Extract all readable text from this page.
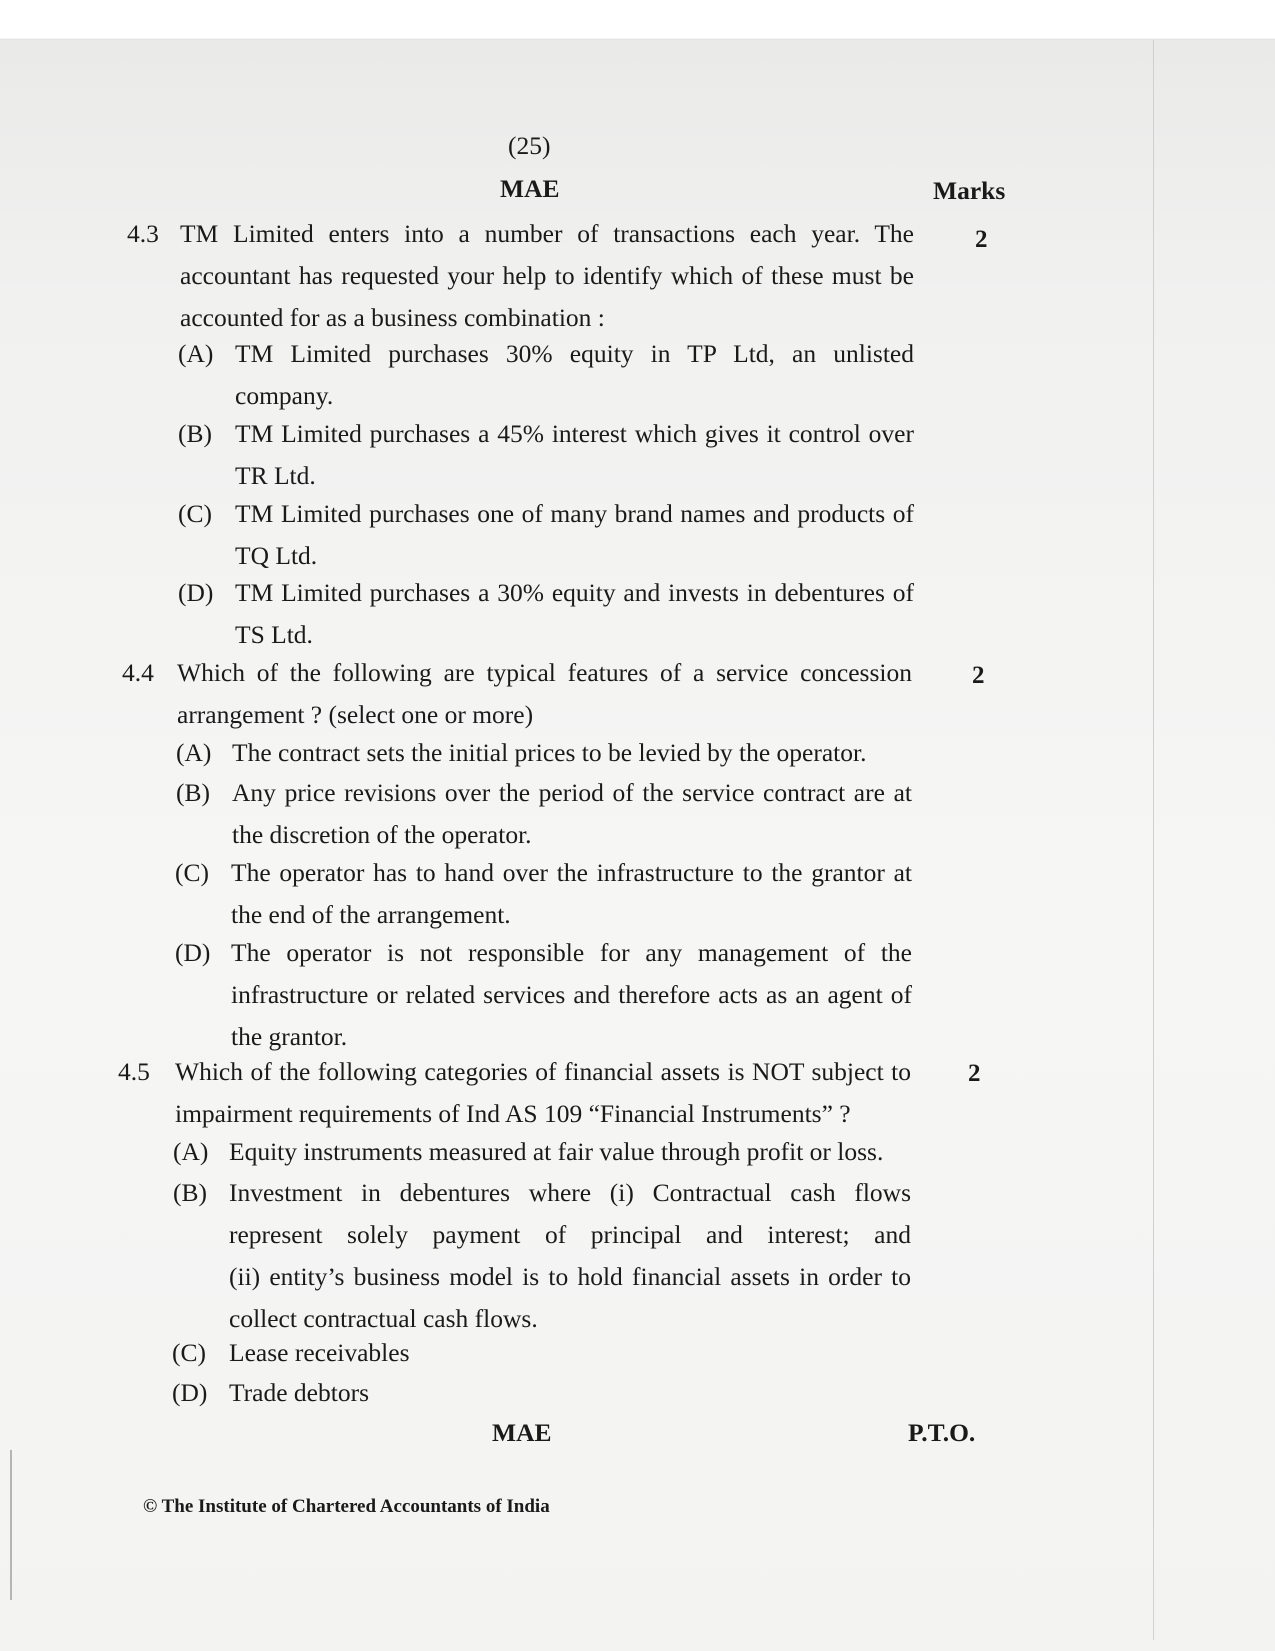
(25)
MAE	Marks
4.3	2
TM Limited enters into a number of transactions each year. The
accountant has requested your help to identify which of these must be
accounted for as a business combination :
(A) TM Limited purchases 30% equity in TP Ltd, an unlisted
company.
(B) TM Limited purchases a 45% interest which gives it control over
TR Ltd.
(C) TM Limited purchases one of many brand names and products of
TQ Ltd.
(D) TM Limited purchases a 30% equity and invests in debentures of
TS Ltd.
4.4	2
Which of the following are typical features of a service concession
arrangement ? (select one or more)
(A) The contract sets the initial prices to be levied by the operator.
(B) Any price revisions over the period of the service contract are at
the discretion of the operator.
(C) The operator has to hand over the infrastructure to the grantor at
the end of the arrangement.
(D) The operator is not responsible for any management of the
infrastructure or related services and therefore acts as an agent of
the grantor.
4.5	2
Which of the following categories of financial assets is NOT subject to
impairment requirements of Ind AS 109 “Financial Instruments” ?
(A) Equity instruments measured at fair value through profit or loss.
(B) Investment in debentures where (i) Contractual cash flows
represent solely payment of principal and interest; and
(ii) entity’s business model is to hold financial assets in order to
collect contractual cash flows.
(C) Lease receivables
(D) Trade debtors
MAE	P.T.O.
© The Institute of Chartered Accountants of India
